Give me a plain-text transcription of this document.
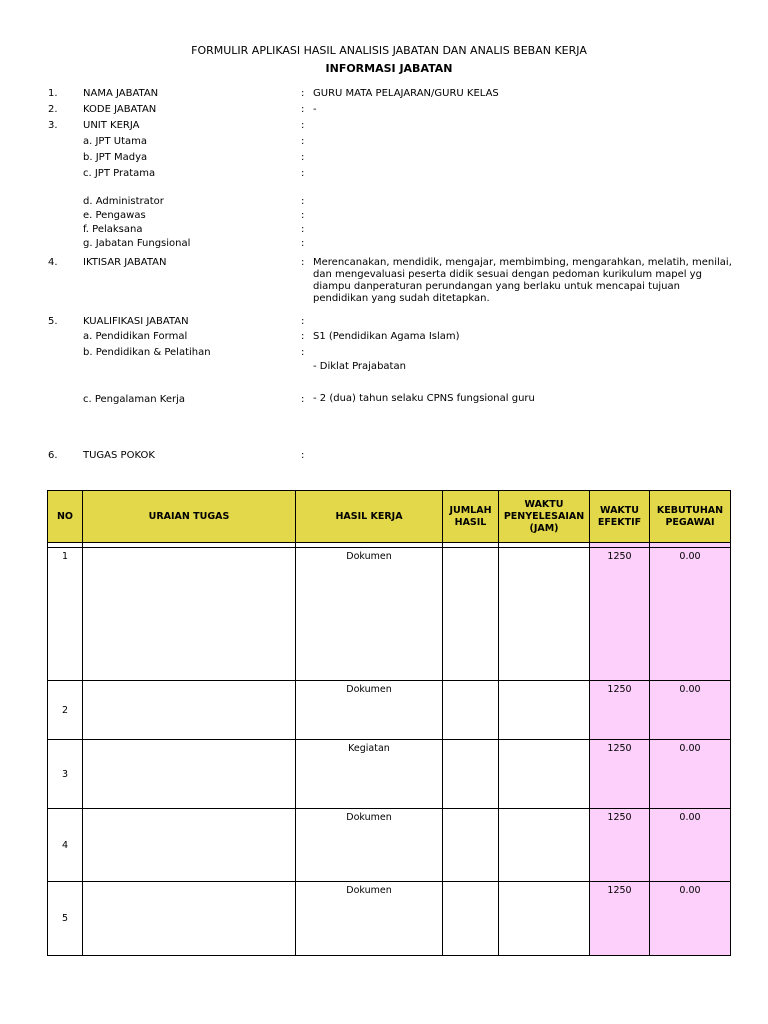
FORMULIR APLIKASI HASIL ANALISIS JABATAN DAN ANALIS BEBAN KERJA
INFORMASI JABATAN
1.	NAMA JABATAN	: GURU MATA PELAJARAN/GURU KELAS
2.	KODE JABATAN	: -
3.	UNIT KERJA	:
a. JPT Utama	:
b. JPT Madya	:
c. JPT Pratama	:
d. Administrator	:
e. Pengawas	:
f. Pelaksana	:
g. Jabatan Fungsional	:
4.	IKTISAR JABATAN	: Merencanakan, mendidik, mengajar, membimbing, mengarahkan, melatih, menilai, dan mengevaluasi peserta didik sesuai dengan pedoman kurikulum mapel yg diampu danperaturan perundangan yang berlaku untuk mencapai tujuan pendidikan yang sudah ditetapkan.
5.	KUALIFIKASI JABATAN	:
a. Pendidikan Formal	: S1 (Pendidikan Agama Islam)
b. Pendidikan & Pelatihan	:
- Diklat Prajabatan
c. Pengalaman Kerja	: - 2 (dua) tahun selaku CPNS fungsional guru
6.	TUGAS POKOK	:
NO	URAIAN TUGAS	HASIL KERJA	JUMLAH HASIL	WAKTU PENYELESAIAN (JAM)	WAKTU EFEKTIF	KEBUTUHAN PEGAWAI

1		Dokumen			1250	0.00

2		Dokumen			1250	0.00

3		Kegiatan			1250	0.00

4		Dokumen			1250	0.00

5		Dokumen			1250	0.00
